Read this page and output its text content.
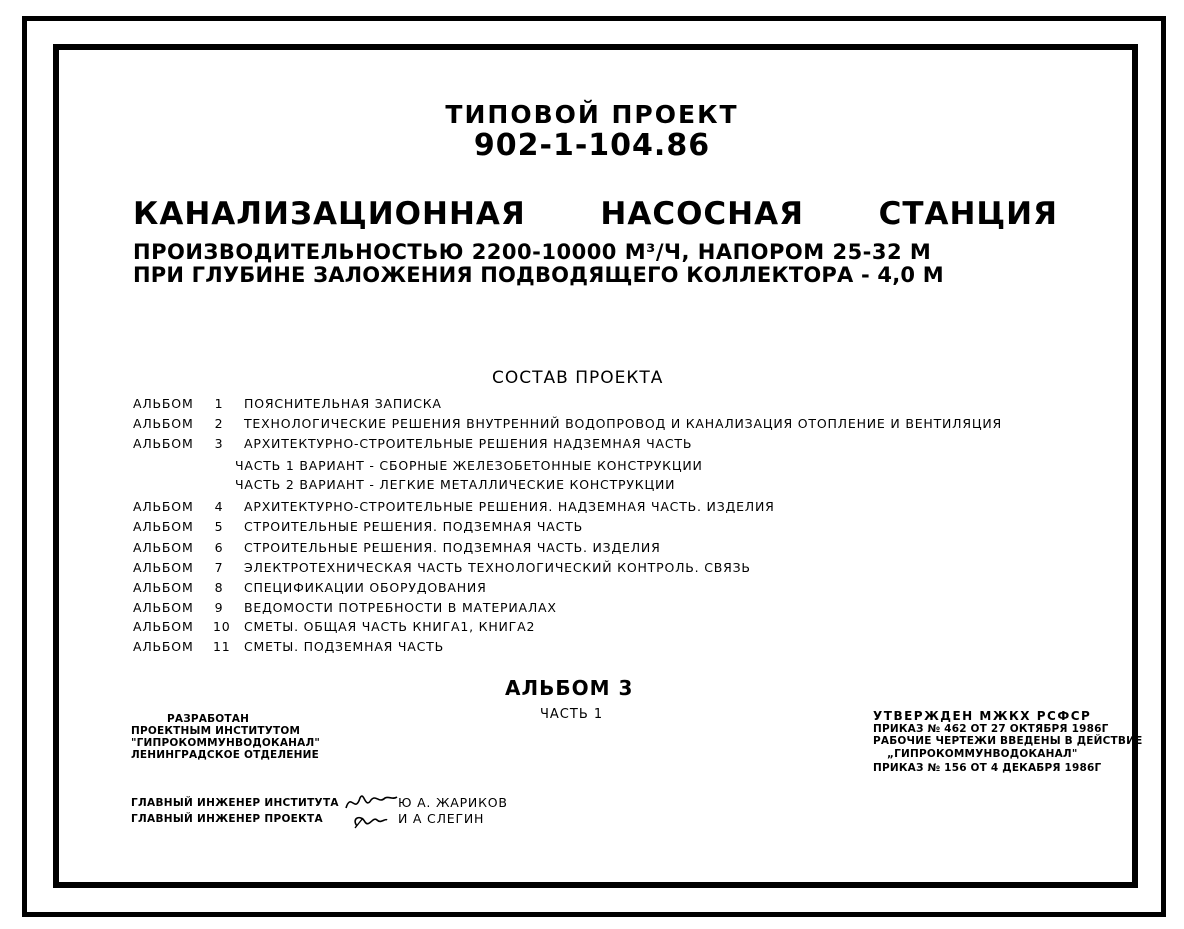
ТИПОВОЙ ПРОЕКТ
902-1-104.86
КАНАЛИЗАЦИОННАЯ НАСОСНАЯ СТАНЦИЯ
ПРОИЗВОДИТЕЛЬНОСТЬЮ 2200-10000 М³/Ч, НАПОРОМ 25-32 М
ПРИ ГЛУБИНЕ ЗАЛОЖЕНИЯ ПОДВОДЯЩЕГО КОЛЛЕКТОРА - 4,0 М
СОСТАВ ПРОЕКТА
АЛЬБОМ 1 ПОЯСНИТЕЛЬНАЯ ЗАПИСКА
АЛЬБОМ 2 ТЕХНОЛОГИЧЕСКИЕ РЕШЕНИЯ ВНУТРЕННИЙ ВОДОПРОВОД И КАНАЛИЗАЦИЯ ОТОПЛЕНИЕ И ВЕНТИЛЯЦИЯ
АЛЬБОМ 3 АРХИТЕКТУРНО-СТРОИТЕЛЬНЫЕ РЕШЕНИЯ НАДЗЕМНАЯ ЧАСТЬ
ЧАСТЬ 1 ВАРИАНТ - СБОРНЫЕ ЖЕЛЕЗОБЕТОННЫЕ КОНСТРУКЦИИ
ЧАСТЬ 2 ВАРИАНТ - ЛЕГКИЕ МЕТАЛЛИЧЕСКИЕ КОНСТРУКЦИИ
АЛЬБОМ 4 АРХИТЕКТУРНО-СТРОИТЕЛЬНЫЕ РЕШЕНИЯ. НАДЗЕМНАЯ ЧАСТЬ. ИЗДЕЛИЯ
АЛЬБОМ 5 СТРОИТЕЛЬНЫЕ РЕШЕНИЯ. ПОДЗЕМНАЯ ЧАСТЬ
АЛЬБОМ 6 СТРОИТЕЛЬНЫЕ РЕШЕНИЯ. ПОДЗЕМНАЯ ЧАСТЬ. ИЗДЕЛИЯ
АЛЬБОМ 7 ЭЛЕКТРОТЕХНИЧЕСКАЯ ЧАСТЬ ТЕХНОЛОГИЧЕСКИЙ КОНТРОЛЬ. СВЯЗЬ
АЛЬБОМ 8 СПЕЦИФИКАЦИИ ОБОРУДОВАНИЯ
АЛЬБОМ 9 ВЕДОМОСТИ ПОТРЕБНОСТИ В МАТЕРИАЛАХ
АЛЬБОМ 10 СМЕТЫ. ОБЩАЯ ЧАСТЬ КНИГА1, КНИГА2
АЛЬБОМ 11 СМЕТЫ. ПОДЗЕМНАЯ ЧАСТЬ
АЛЬБОМ 3
ЧАСТЬ 1
РАЗРАБОТАН
ПРОЕКТНЫМ ИНСТИТУТОМ
"ГИПРОКОММУНВОДОКАНАЛ"
ЛЕНИНГРАДСКОЕ ОТДЕЛЕНИЕ
УТВЕРЖДЕН МЖКХ РСФСР
ПРИКАЗ № 462 ОТ 27 ОКТЯБРЯ 1986Г
РАБОЧИЕ ЧЕРТЕЖИ ВВЕДЕНЫ В ДЕЙСТВИЕ
„ГИПРОКОММУНВОДОКАНАЛ"
ПРИКАЗ № 156 ОТ 4 ДЕКАБРЯ 1986Г
ГЛАВНЫЙ ИНЖЕНЕР ИНСТИТУТА
ГЛАВНЫЙ ИНЖЕНЕР ПРОЕКТА
Ю А. ЖАРИКОВ
И А СЛЕГИН
